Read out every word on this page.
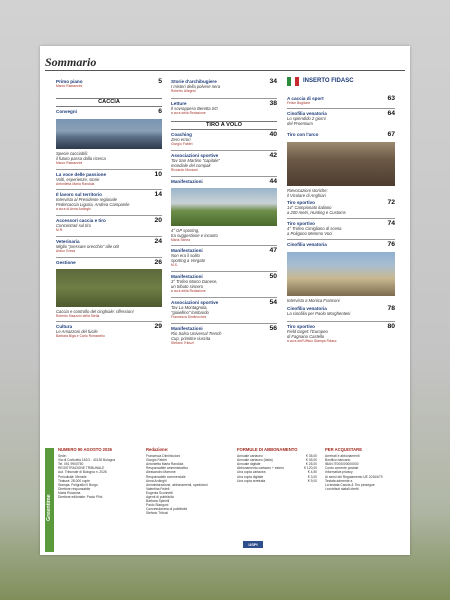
Sommario
Primo piano	5
Marco Ramanzini
CACCIA
Convegni	6
Specie cacciabili:
il futuro passa dalla ricerca
Marco Ramanzini
La voce delle passione	10
Volti, esperienze, storie
Antonietta Maria Randola
Il lavoro sul territorio	14
Intervista al Presidente regionale
Federcaccia Liguria, Andrea Campanile
a cura di Anna Ardinghi
Accessori caccia e tiro	20
Concentrati sul tiro
M.R.
Veterinaria	24
Miglio "pressare orecchio" alle otit
Arduo Greca
Gestione	26
Caccia e controllo del cinghiale: riflessioni
Roberto Mazzoni della Stella
Cultura	29
Le Amazzoni del fucile
Barbara Biga e Carlo Romanello
Storie d'archibugiere	34
I misteri della polvere nera
Roberto Allegrini
Letture	38
Il sovrappeso Beretta SO
a cura della Redazione
TIRO A VOLO
Coaching	40
Zero errori
Giorgio Fabbri
Associazioni sportive	42
Tav San Martino "capitale"
mondiale del compak
Riccardo Monzoni
Manifestazioni	44
4° GP sporting,
tra suggestione e incanto
Maria Stinea
Manifestazioni	47
Non era il solito
sporting a Vergato
M.S.
Manifestazioni	50
3° Trofeo Marco Danese,
un tributo sincero
a cura della Redazione
Associazioni sportive	54
Tav La Montagnola,
"gioiellino" lombardo
Francesca Dimitriccioni
Manifestazioni	56
Rio Salso Universal Trench
Cup, primitire riuscita
Stefano Tribuzi
INSERTO FIDASC
A caccia di sport	63
Felice Buglione
Cinofilia venatoria	64
Lo splendido 2 giorni
del Proemium
Tiro con l'arco	67
Rievocazioni storiche:
il Vicolare di Anghiari
Tiro sportivo	72
14° Campionato italiano
a 200 metri, Hunting e Customs
Tiro sportivo	74
4° Trofeo Cimigliano di scena
a Poligono Memmo Voci
Cinofilia venatoria	76
Intervista a Monica Franconi
Cinofilia venatoria	78
La cinofilia per Paolo Morghenteni
Tiro sportivo	80
Field target: l'Europeo
di Fagnano Castello
a cura dell'Ufficio Stampa Fidasc
Greentime
NUMERO 90 AGOSTO 2026
Sede:
Via di Corticella 181/3 - 40128 Bologna
Tel. 051 9900750
REGISTRAZIONE TRIBUNALE
Aut. Tribunale di Bologna n. 2026
Periodicità: Mensile
Tiratura: 28.000 copie
Stampa: Poligrafici Il Borgo
Direttore responsabile
Maria Rosanna
Direttore editoriale: Paolo Plini
Redazione:
Francesca Dimitriccioni
Giorgio Fabbri
Antonietta Maria Randola
Responsabile amministrativo
Alessandro Marrone
Responsabile commerciale
Anna Ardinghi
Amministrazione, abbonamenti, spedizioni
Valentina Fedeli
Eugenia Sconnetti
Agenti di pubblicità
Barbara Spinelli
Paolo Stangoni
Concessionaria di pubblicità
Stefano Tribuzi
FORMULE DI ABBONAMENTO
Annuale cartaceo	€ 35,00
Annuale cartaceo (Italia)	€ 45,00
Annuale digitale	€ 25,00
Abbonamento cartaceo + estero	€ 120,00
Una copia cartacea	€ 4,50
Una copia digitale	€ 3,00
Una copia arretrata	€ 9,00
USPI
PER ACQUISTARE
Arretrati e abbonamenti
Bonifico bancario
IBAN IT000000000000
Conto corrente postale
Informativa privacy
Ai sensi del Regolamento UE 2016/679
Testata aderente a
La testata Caccia & Tiro persegue
i contributi statali diretti
